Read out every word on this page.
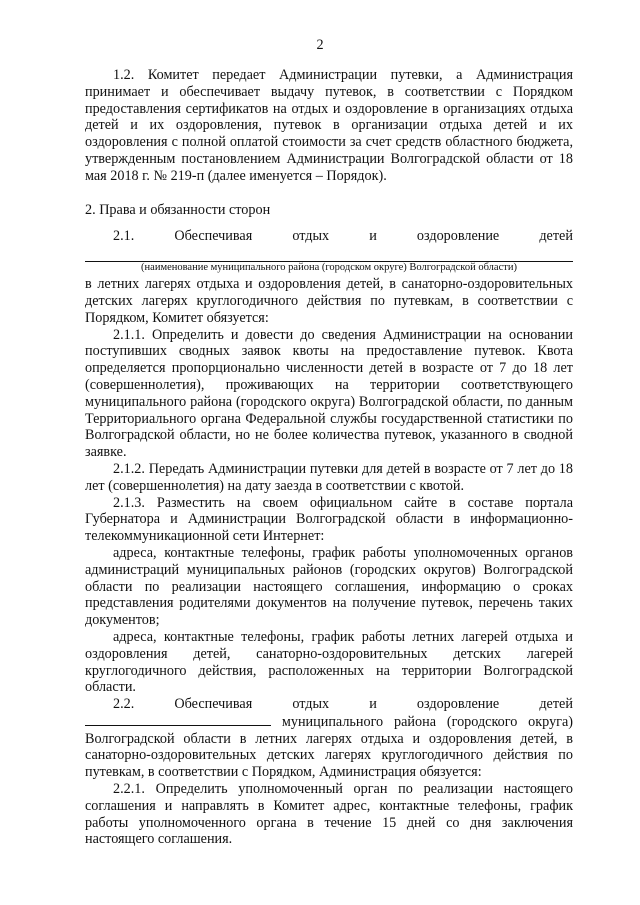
2

1.2. Комитет передает Администрации путевки, а Администрация принимает и обеспечивает выдачу путевок, в соответствии с Порядком предоставления сертификатов на отдых и оздоровление в организациях отдыха детей и их оздоровления, путевок в организации отдыха детей и их оздоровления с полной оплатой стоимости за счет средств областного бюджета, утвержденным постановлением Администрации Волгоградской области от 18 мая 2018 г. № 219-п (далее именуется – Порядок).

2. Права и обязанности сторон

2.1.	Обеспечивая	отдых	и	оздоровление	детей

(наименование муниципального района (городском округе) Волгоградской области)

в летних лагерях отдыха и оздоровления детей, в санаторно-оздоровительных детских лагерях круглогодичного действия по путевкам, в соответствии с Порядком, Комитет обязуется:

2.1.1. Определить и довести до сведения Администрации на основании поступивших сводных заявок квоты на предоставление путевок. Квота определяется пропорционально численности детей в возрасте от 7 до 18 лет (совершеннолетия), проживающих на территории соответствующего муниципального района (городского округа) Волгоградской области, по данным Территориального органа Федеральной службы государственной статистики по Волгоградской области, но не более количества путевок, указанного в сводной заявке.

2.1.2. Передать Администрации путевки для детей в возрасте от 7 лет до 18 лет (совершеннолетия) на дату заезда в соответствии с квотой.

2.1.3. Разместить на своем официальном сайте в составе портала Губернатора и Администрации Волгоградской области в информационно-телекоммуникационной сети Интернет:

адреса, контактные телефоны, график работы уполномоченных органов администраций муниципальных районов (городских округов) Волгоградской области по реализации настоящего соглашения, информацию о сроках представления родителями документов на получение путевок, перечень таких документов;

адреса, контактные телефоны, график работы летних лагерей отдыха и оздоровления детей, санаторно-оздоровительных детских лагерей круглогодичного действия, расположенных на территории Волгоградской области.

2.2.	Обеспечивая	отдых	и	оздоровление	детей

муниципального района (городского округа) Волгоградской области в летних лагерях отдыха и оздоровления детей, в санаторно-оздоровительных детских лагерях круглогодичного действия по путевкам, в соответствии с Порядком, Администрация обязуется:

2.2.1. Определить уполномоченный орган по реализации настоящего соглашения и направлять в Комитет адрес, контактные телефоны, график работы уполномоченного органа в течение 15 дней со дня заключения настоящего соглашения.
